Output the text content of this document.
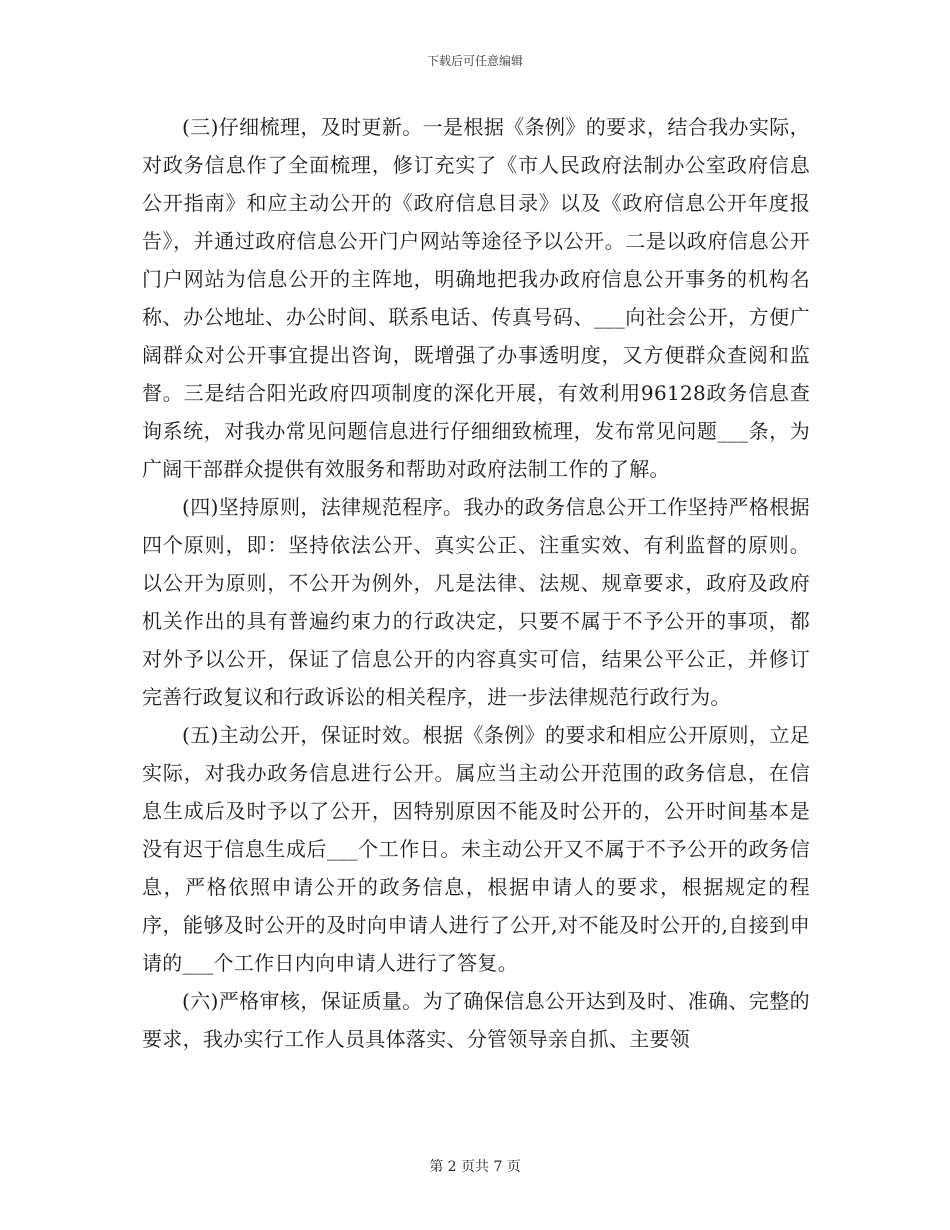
下载后可任意编辑

(三)仔细梳理，及时更新。一是根据《条例》的要求，结合我办实际，对政务信息作了全面梳理，修订充实了《市人民政府法制办公室政府信息公开指南》和应主动公开的《政府信息目录》以及《政府信息公开年度报告》，并通过政府信息公开门户网站等途径予以公开。二是以政府信息公开门户网站为信息公开的主阵地，明确地把我办政府信息公开事务的机构名称、办公地址、办公时间、联系电话、传真号码、___向社会公开，方便广阔群众对公开事宜提出咨询，既增强了办事透明度，又方便群众查阅和监督。三是结合阳光政府四项制度的深化开展，有效利用96128政务信息查询系统，对我办常见问题信息进行仔细细致梳理，发布常见问题___条，为广阔干部群众提供有效服务和帮助对政府法制工作的了解。

(四)坚持原则，法律规范程序。我办的政务信息公开工作坚持严格根据四个原则，即：坚持依法公开、真实公正、注重实效、有利监督的原则。以公开为原则，不公开为例外，凡是法律、法规、规章要求，政府及政府机关作出的具有普遍约束力的行政决定，只要不属于不予公开的事项，都对外予以公开，保证了信息公开的内容真实可信，结果公平公正，并修订完善行政复议和行政诉讼的相关程序，进一步法律规范行政行为。

(五)主动公开，保证时效。根据《条例》的要求和相应公开原则，立足实际，对我办政务信息进行公开。属应当主动公开范围的政务信息，在信息生成后及时予以了公开，因特别原因不能及时公开的，公开时间基本是没有迟于信息生成后___个工作日。未主动公开又不属于不予公开的政务信息，严格依照申请公开的政务信息，根据申请人的要求，根据规定的程序，能够及时公开的及时向申请人进行了公开,对不能及时公开的,自接到申请的___个工作日内向申请人进行了答复。

(六)严格审核，保证质量。为了确保信息公开达到及时、准确、完整的要求，我办实行工作人员具体落实、分管领导亲自抓、主要领

第 2 页共 7 页
